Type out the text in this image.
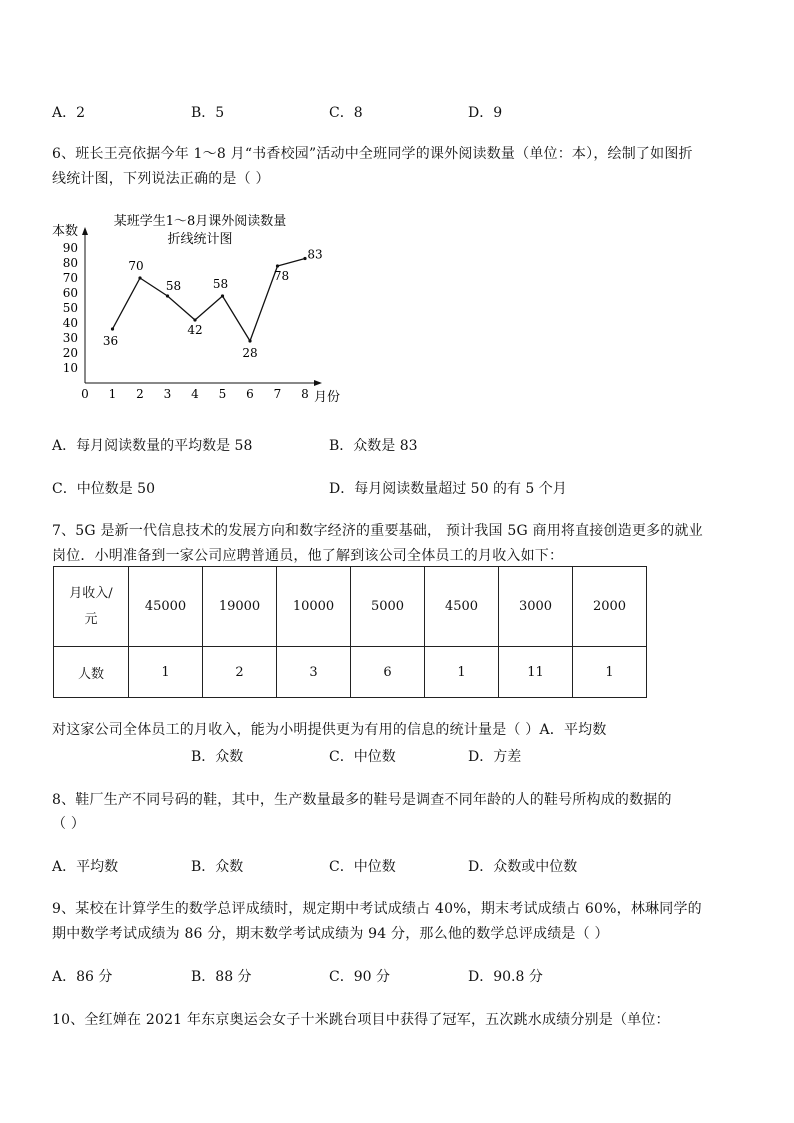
A．2	B．5	C．8	D．9
6、班长王亮依据今年 1～8 月“书香校园”活动中全班同学的课外阅读数量（单位：本），绘制了如图折
线统计图，下列说法正确的是（ ）
某班学生1～8月课外阅读数量
折线统计图
本数
月份
90
80
70
60
50
40
30
20
10
0 1 2 3 4 5 6 7 8
36
70
58
42
58
28
78
83
A．每月阅读数量的平均数是 58	B．众数是 83
C．中位数是 50	D．每月阅读数量超过 50 的有 5 个月
7、5G 是新一代信息技术的发展方向和数字经济的重要基础， 预计我国 5G 商用将直接创造更多的就业
岗位．小明准备到一家公司应聘普通员，他了解到该公司全体员工的月收入如下：
月收入/
元	45000	19000	10000	5000	4500	3000	2000
人数	1	2	3	6	1	11	1
对这家公司全体员工的月收入，能为小明提供更为有用的信息的统计量是（ ）A．平均数
B．众数	C．中位数	D．方差
8、鞋厂生产不同号码的鞋，其中，生产数量最多的鞋号是调查不同年龄的人的鞋号所构成的数据的
（ ）
A．平均数	B．众数	C．中位数	D．众数或中位数
9、某校在计算学生的数学总评成绩时，规定期中考试成绩占 40%，期末考试成绩占 60%，林琳同学的
期中数学考试成绩为 86 分，期末数学考试成绩为 94 分，那么他的数学总评成绩是（ ）
A．86 分	B．88 分	C．90 分	D．90.8 分
10、全红婵在 2021 年东京奥运会女子十米跳台项目中获得了冠军，五次跳水成绩分别是（单位：
